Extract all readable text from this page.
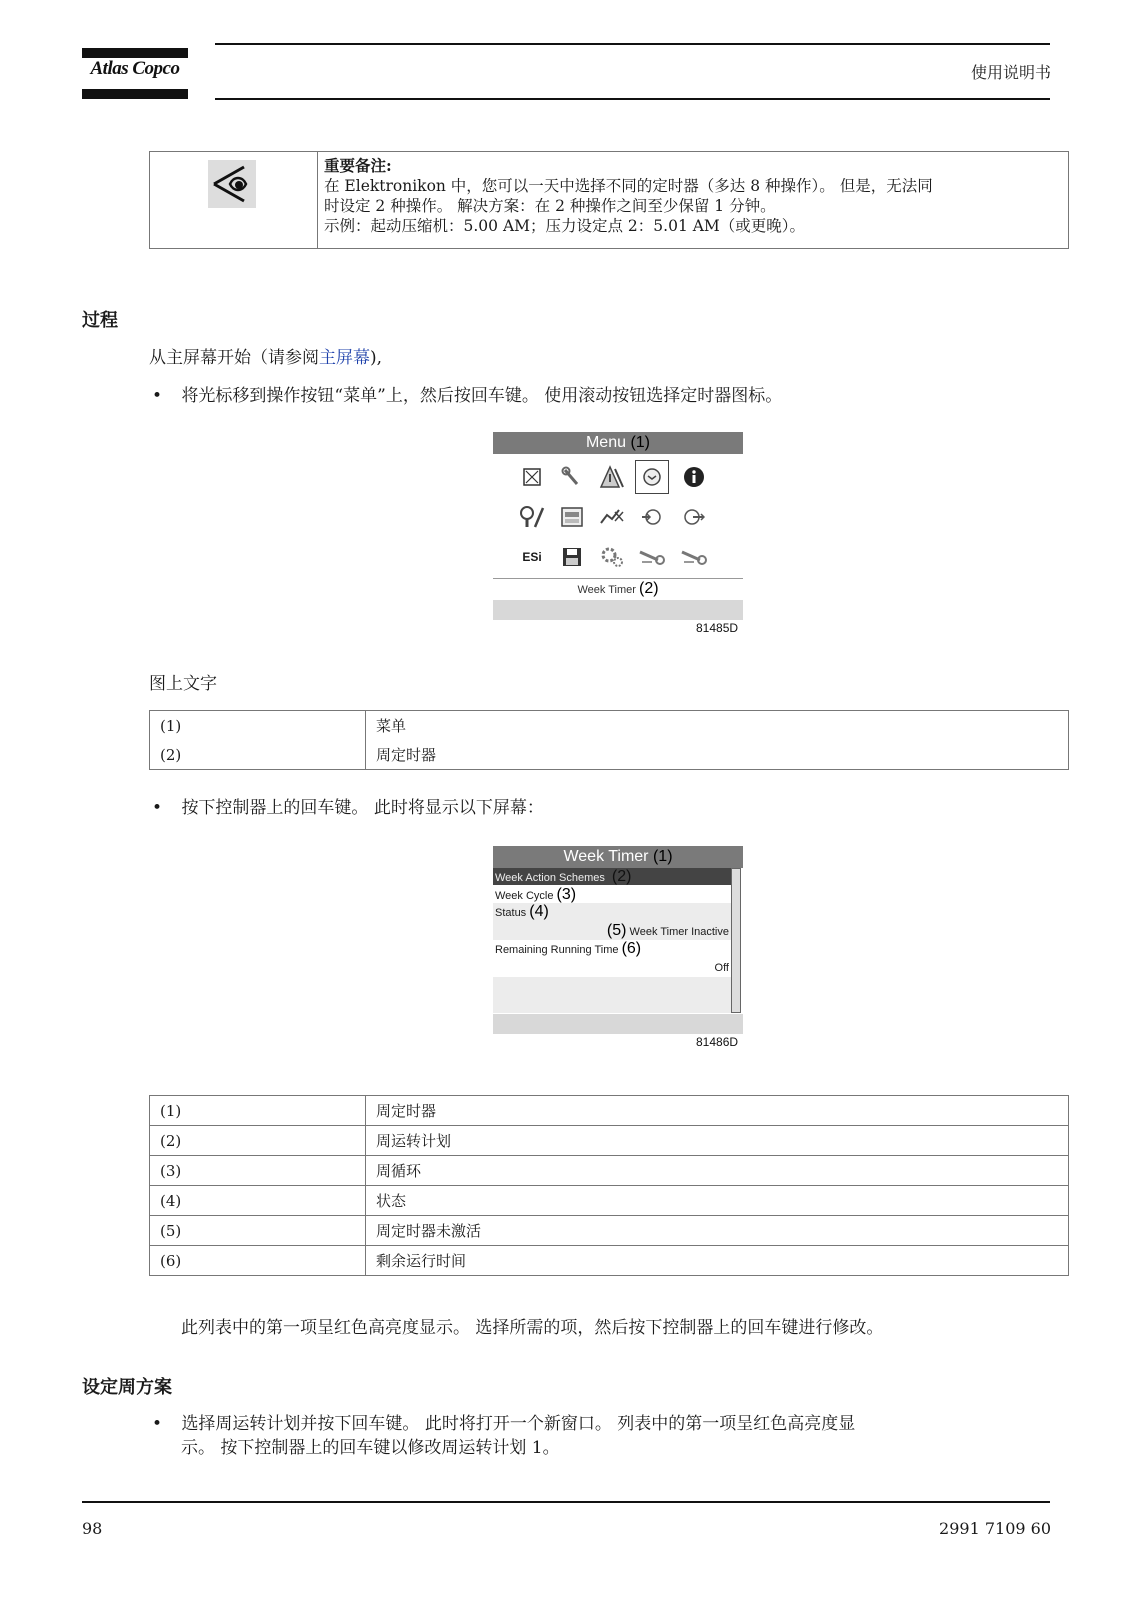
Atlas Copco	使用说明书
重要备注:
在 Elektronikon 中，您可以一天中选择不同的定时器（多达 8 种操作）。 但是，无法同
时设定 2 种操作。 解决方案：在 2 种操作之间至少保留 1 分钟。
示例：起动压缩机：5.00 AM；压力设定点 2：5.01 AM（或更晚）。
过程
从主屏幕开始（请参阅主屏幕),
• 将光标移到操作按钮“菜单”上，然后按回车键。 使用滚动按钮选择定时器图标。
Menu (1)
ESi
Week Timer (2)
81485D
图上文字
(1)	菜单
(2)	周定时器
• 按下控制器上的回车键。 此时将显示以下屏幕：
Week Timer (1)
Week Action Schemes (2)
Week Cycle (3)
Status (4)
(5) Week Timer Inactive
Remaining Running Time (6)
Off
81486D
(1)	周定时器
(2)	周运转计划
(3)	周循环
(4)	状态
(5)	周定时器未激活
(6)	剩余运行时间
此列表中的第一项呈红色高亮度显示。 选择所需的项，然后按下控制器上的回车键进行修改。
设定周方案
• 选择周运转计划并按下回车键。 此时将打开一个新窗口。 列表中的第一项呈红色高亮度显
示。 按下控制器上的回车键以修改周运转计划 1。
98	2991 7109 60
